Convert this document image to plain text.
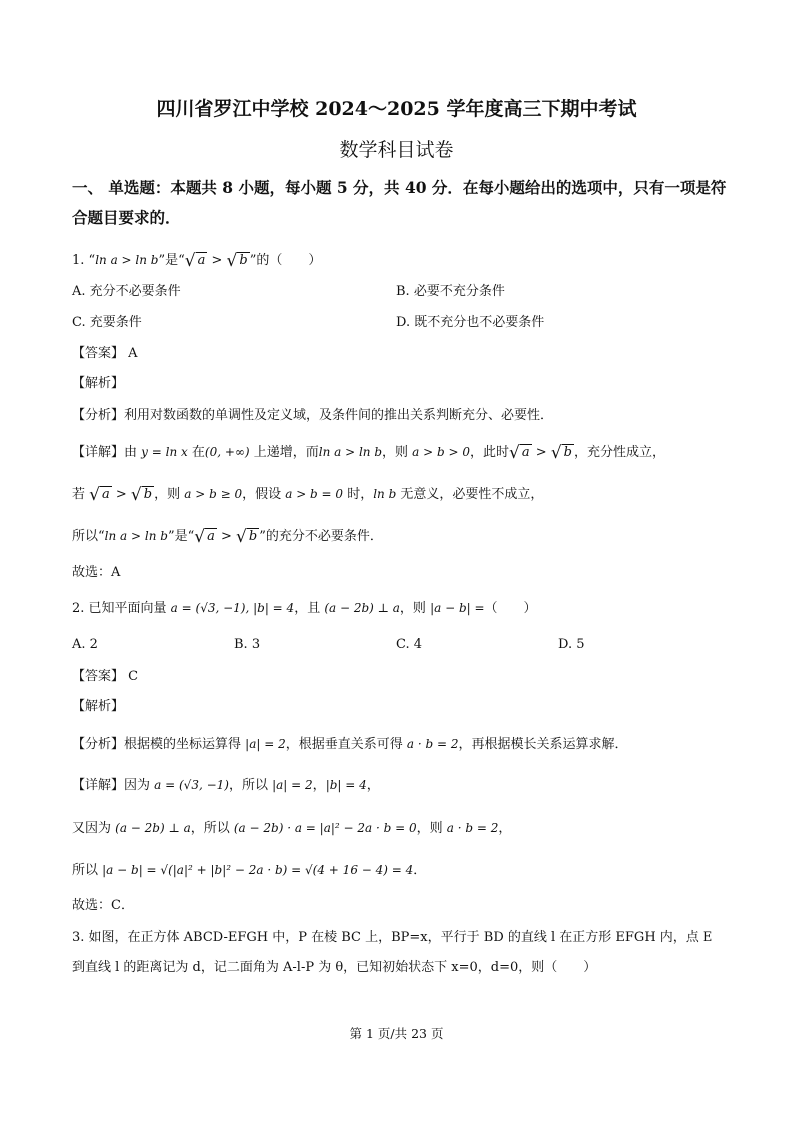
四川省罗江中学校 2024～2025 学年度高三下期中考试
数学科目试卷
一、 单选题：本题共 8 小题，每小题 5 分，共 40 分．在每小题给出的选项中，只有一项是符
合题目要求的．
1. “ln a > ln b”是“√ a > √ b ”的（　　）
A. 充分不必要条件	B. 必要不充分条件
C. 充要条件	D. 既不充分也不必要条件
【答案】 A
【解析】
【分析】利用对数函数的单调性及定义域，及条件间的推出关系判断充分、必要性．
【详解】由 y = ln x 在(0, +∞) 上递增，而ln a > ln b，则 a > b > 0，此时√ a > √ b ，充分性成立，
若 √ a > √ b ，则 a > b ≥ 0，假设 a > b = 0 时，ln b 无意义，必要性不成立，
所以“ln a > ln b”是“√ a > √ b ”的充分不必要条件．
故选：A
2. 已知平面向量 a = (√3, −1), |b| = 4，且 (a − 2b) ⊥ a，则 |a − b| =（　　）
A. 2	B. 3	C. 4	D. 5
【答案】 C
【解析】
【分析】根据模的坐标运算得 |a| = 2，根据垂直关系可得 a · b = 2，再根据模长关系运算求解．
【详解】因为 a = (√3, −1)，所以 |a| = 2，|b| = 4，
又因为 (a − 2b) ⊥ a，所以 (a − 2b) · a = |a|² − 2a · b = 0，则 a · b = 2，
所以 |a − b| = √(|a|² + |b|² − 2a · b) = √(4 + 16 − 4) = 4．
故选：C．
3. 如图，在正方体 ABCD-EFGH 中，P 在棱 BC 上，BP=x，平行于 BD 的直线 l 在正方形 EFGH 内，点 E
到直线 l 的距离记为 d，记二面角为 A-l-P 为 θ，已知初始状态下 x=0，d=0，则（　　）
第 1 页/共 23 页
